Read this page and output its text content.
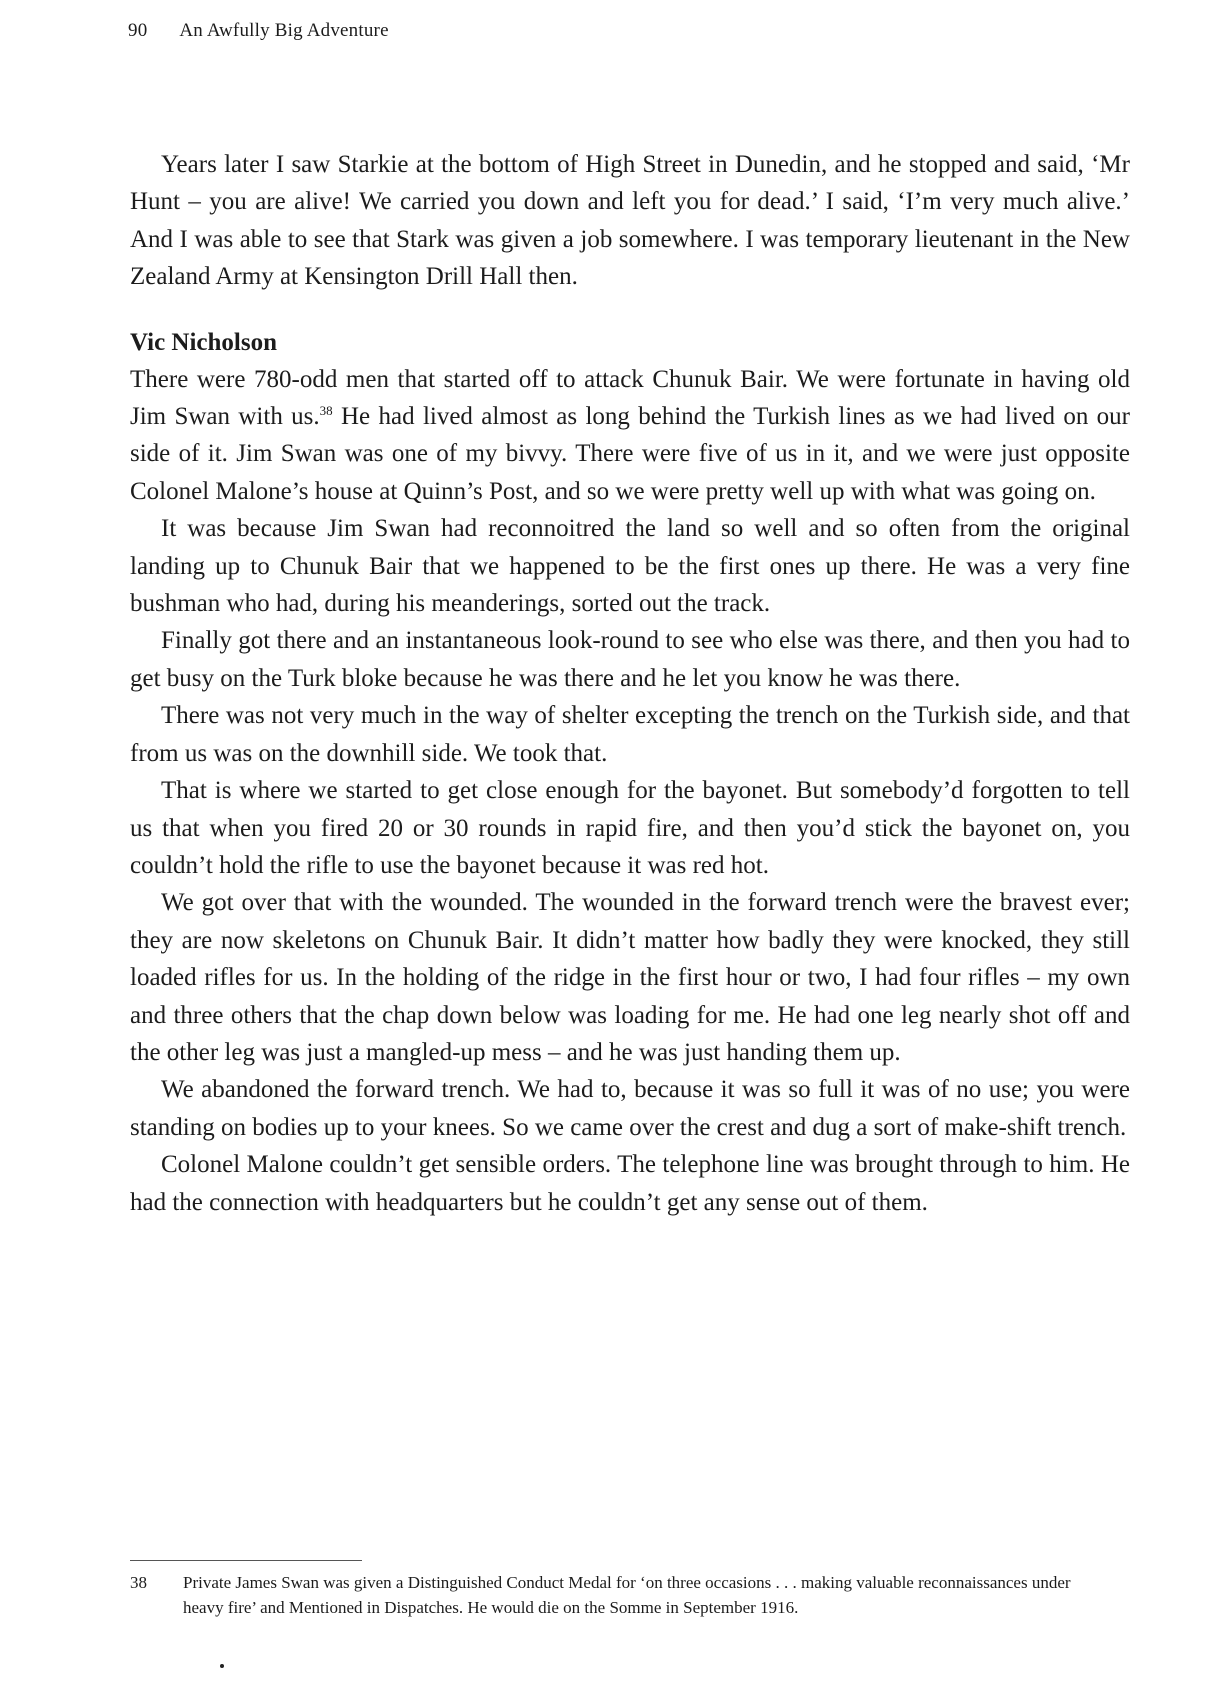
90 An Awfully Big Adventure

Years later I saw Starkie at the bottom of High Street in Dunedin, and he stopped and said, ‘Mr Hunt – you are alive! We carried you down and left you for dead.’ I said, ‘I’m very much alive.’ And I was able to see that Stark was given a job somewhere. I was temporary lieutenant in the New Zealand Army at Kensington Drill Hall then.

Vic Nicholson

There were 780-odd men that started off to attack Chunuk Bair. We were fortunate in having old Jim Swan with us.$^{38}$ He had lived almost as long behind the Turkish lines as we had lived on our side of it. Jim Swan was one of my bivvy. There were five of us in it, and we were just opposite Colonel Malone’s house at Quinn’s Post, and so we were pretty well up with what was going on.

It was because Jim Swan had reconnoitred the land so well and so often from the original landing up to Chunuk Bair that we happened to be the first ones up there. He was a very fine bushman who had, during his meanderings, sorted out the track.

Finally got there and an instantaneous look-round to see who else was there, and then you had to get busy on the Turk bloke because he was there and he let you know he was there.

There was not very much in the way of shelter excepting the trench on the Turkish side, and that from us was on the downhill side. We took that.

That is where we started to get close enough for the bayonet. But somebody’d forgotten to tell us that when you fired 20 or 30 rounds in rapid fire, and then you’d stick the bayonet on, you couldn’t hold the rifle to use the bayonet because it was red hot.

We got over that with the wounded. The wounded in the forward trench were the bravest ever; they are now skeletons on Chunuk Bair. It didn’t matter how badly they were knocked, they still loaded rifles for us. In the holding of the ridge in the first hour or two, I had four rifles – my own and three others that the chap down below was loading for me. He had one leg nearly shot off and the other leg was just a mangled-up mess – and he was just handing them up.

We abandoned the forward trench. We had to, because it was so full it was of no use; you were standing on bodies up to your knees. So we came over the crest and dug a sort of make-shift trench.

Colonel Malone couldn’t get sensible orders. The telephone line was brought through to him. He had the connection with headquarters but he couldn’t get any sense out of them.

38	Private James Swan was given a Distinguished Conduct Medal for ‘on three occasions . . . making valuable reconnaissances under heavy fire’ and Mentioned in Dispatches. He would die on the Somme in September 1916.
